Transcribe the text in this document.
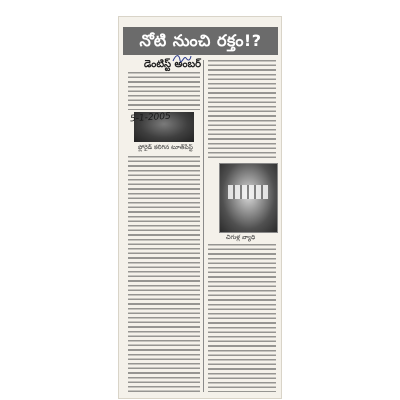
నోటి నుంచి రక్తం!?
డెంటిస్ట్ అంబర్
5-1-2005
ఫ్లోరైడ్ కలిగిన టూత్‌పేస్ట్
చిగుళ్ల వ్యాధి
